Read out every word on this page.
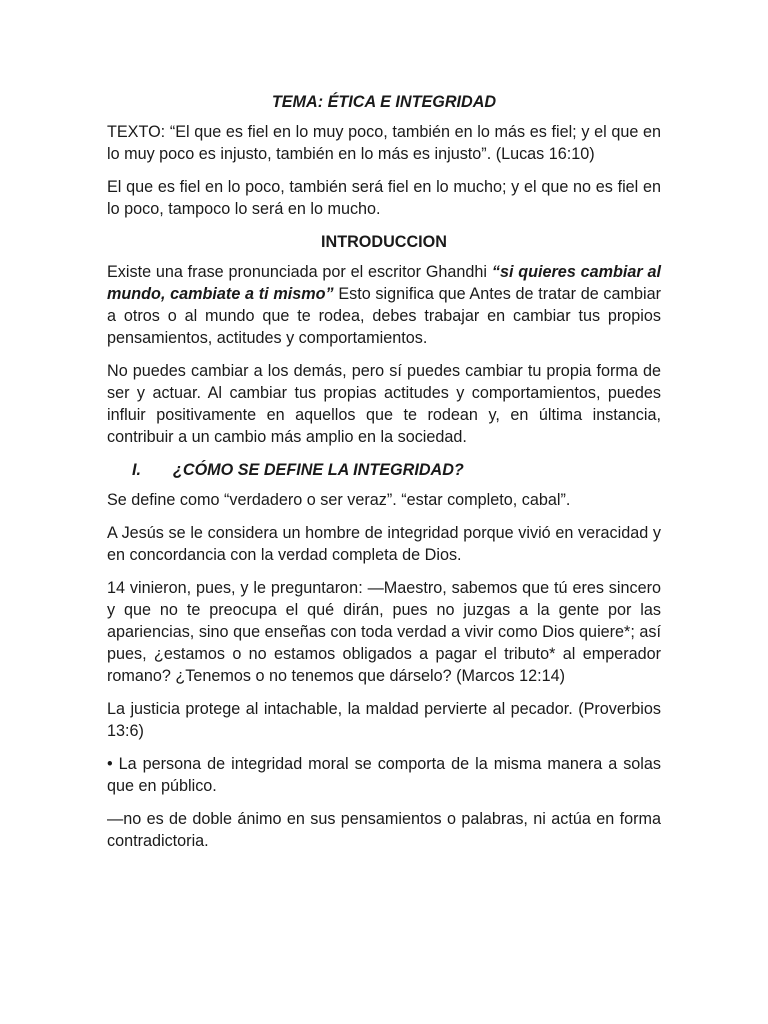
TEMA: ÉTICA E INTEGRIDAD

TEXTO: “El que es fiel en lo muy poco, también en lo más es fiel; y el que en lo muy poco es injusto, también en lo más es injusto”. (Lucas 16:10)

El que es fiel en lo poco, también será fiel en lo mucho; y el que no es fiel en lo poco, tampoco lo será en lo mucho.

INTRODUCCION

Existe una frase pronunciada por el escritor Ghandhi “si quieres cambiar al mundo, cambiate a ti mismo” Esto significa que Antes de tratar de cambiar a otros o al mundo que te rodea, debes trabajar en cambiar tus propios pensamientos, actitudes y comportamientos.

No puedes cambiar a los demás, pero sí puedes cambiar tu propia forma de ser y actuar. Al cambiar tus propias actitudes y comportamientos, puedes influir positivamente en aquellos que te rodean y, en última instancia, contribuir a un cambio más amplio en la sociedad.

I.	¿CÓMO SE DEFINE LA INTEGRIDAD?

Se define como “verdadero o ser veraz”. “estar completo, cabal”.

A Jesús se le considera un hombre de integridad porque vivió en veracidad y en concordancia con la verdad completa de Dios.

14 vinieron, pues, y le preguntaron: —Maestro, sabemos que tú eres sincero y que no te preocupa el qué dirán, pues no juzgas a la gente por las apariencias, sino que enseñas con toda verdad a vivir como Dios quiere*; así pues, ¿estamos o no estamos obligados a pagar el tributo* al emperador romano? ¿Tenemos o no tenemos que dárselo? (Marcos 12:14)

La justicia protege al intachable, la maldad pervierte al pecador. (Proverbios 13:6)

• La persona de integridad moral se comporta de la misma manera a solas que en público.

—no es de doble ánimo en sus pensamientos o palabras, ni actúa en forma contradictoria.
